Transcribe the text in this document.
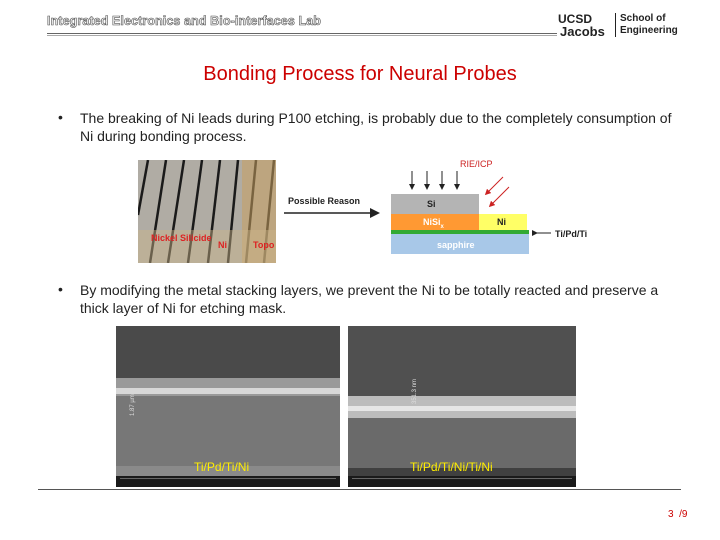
Integrated Electronics and Bio-interfaces Lab	UCSD
Jacobs
School of
Engineering
Bonding Process for Neural Probes
• The breaking of Ni leads during P100 etching, is probably due to the completely consumption of Ni during bonding process.
Nickel Silicide
Ni	Topo
Possible Reason
RIE/ICP
Si
NiSi$_x$	Ni
Ti/Pd/Ti
sapphire
• By modifying the metal stacking layers, we prevent the Ni to be totally reacted and preserve a thick layer of Ni for etching mask.
1.87 µm
Ti/Pd/Ti/Ni
351.3 nm
Ti/Pd/Ti/Ni/Ti/Ni
3 /9
